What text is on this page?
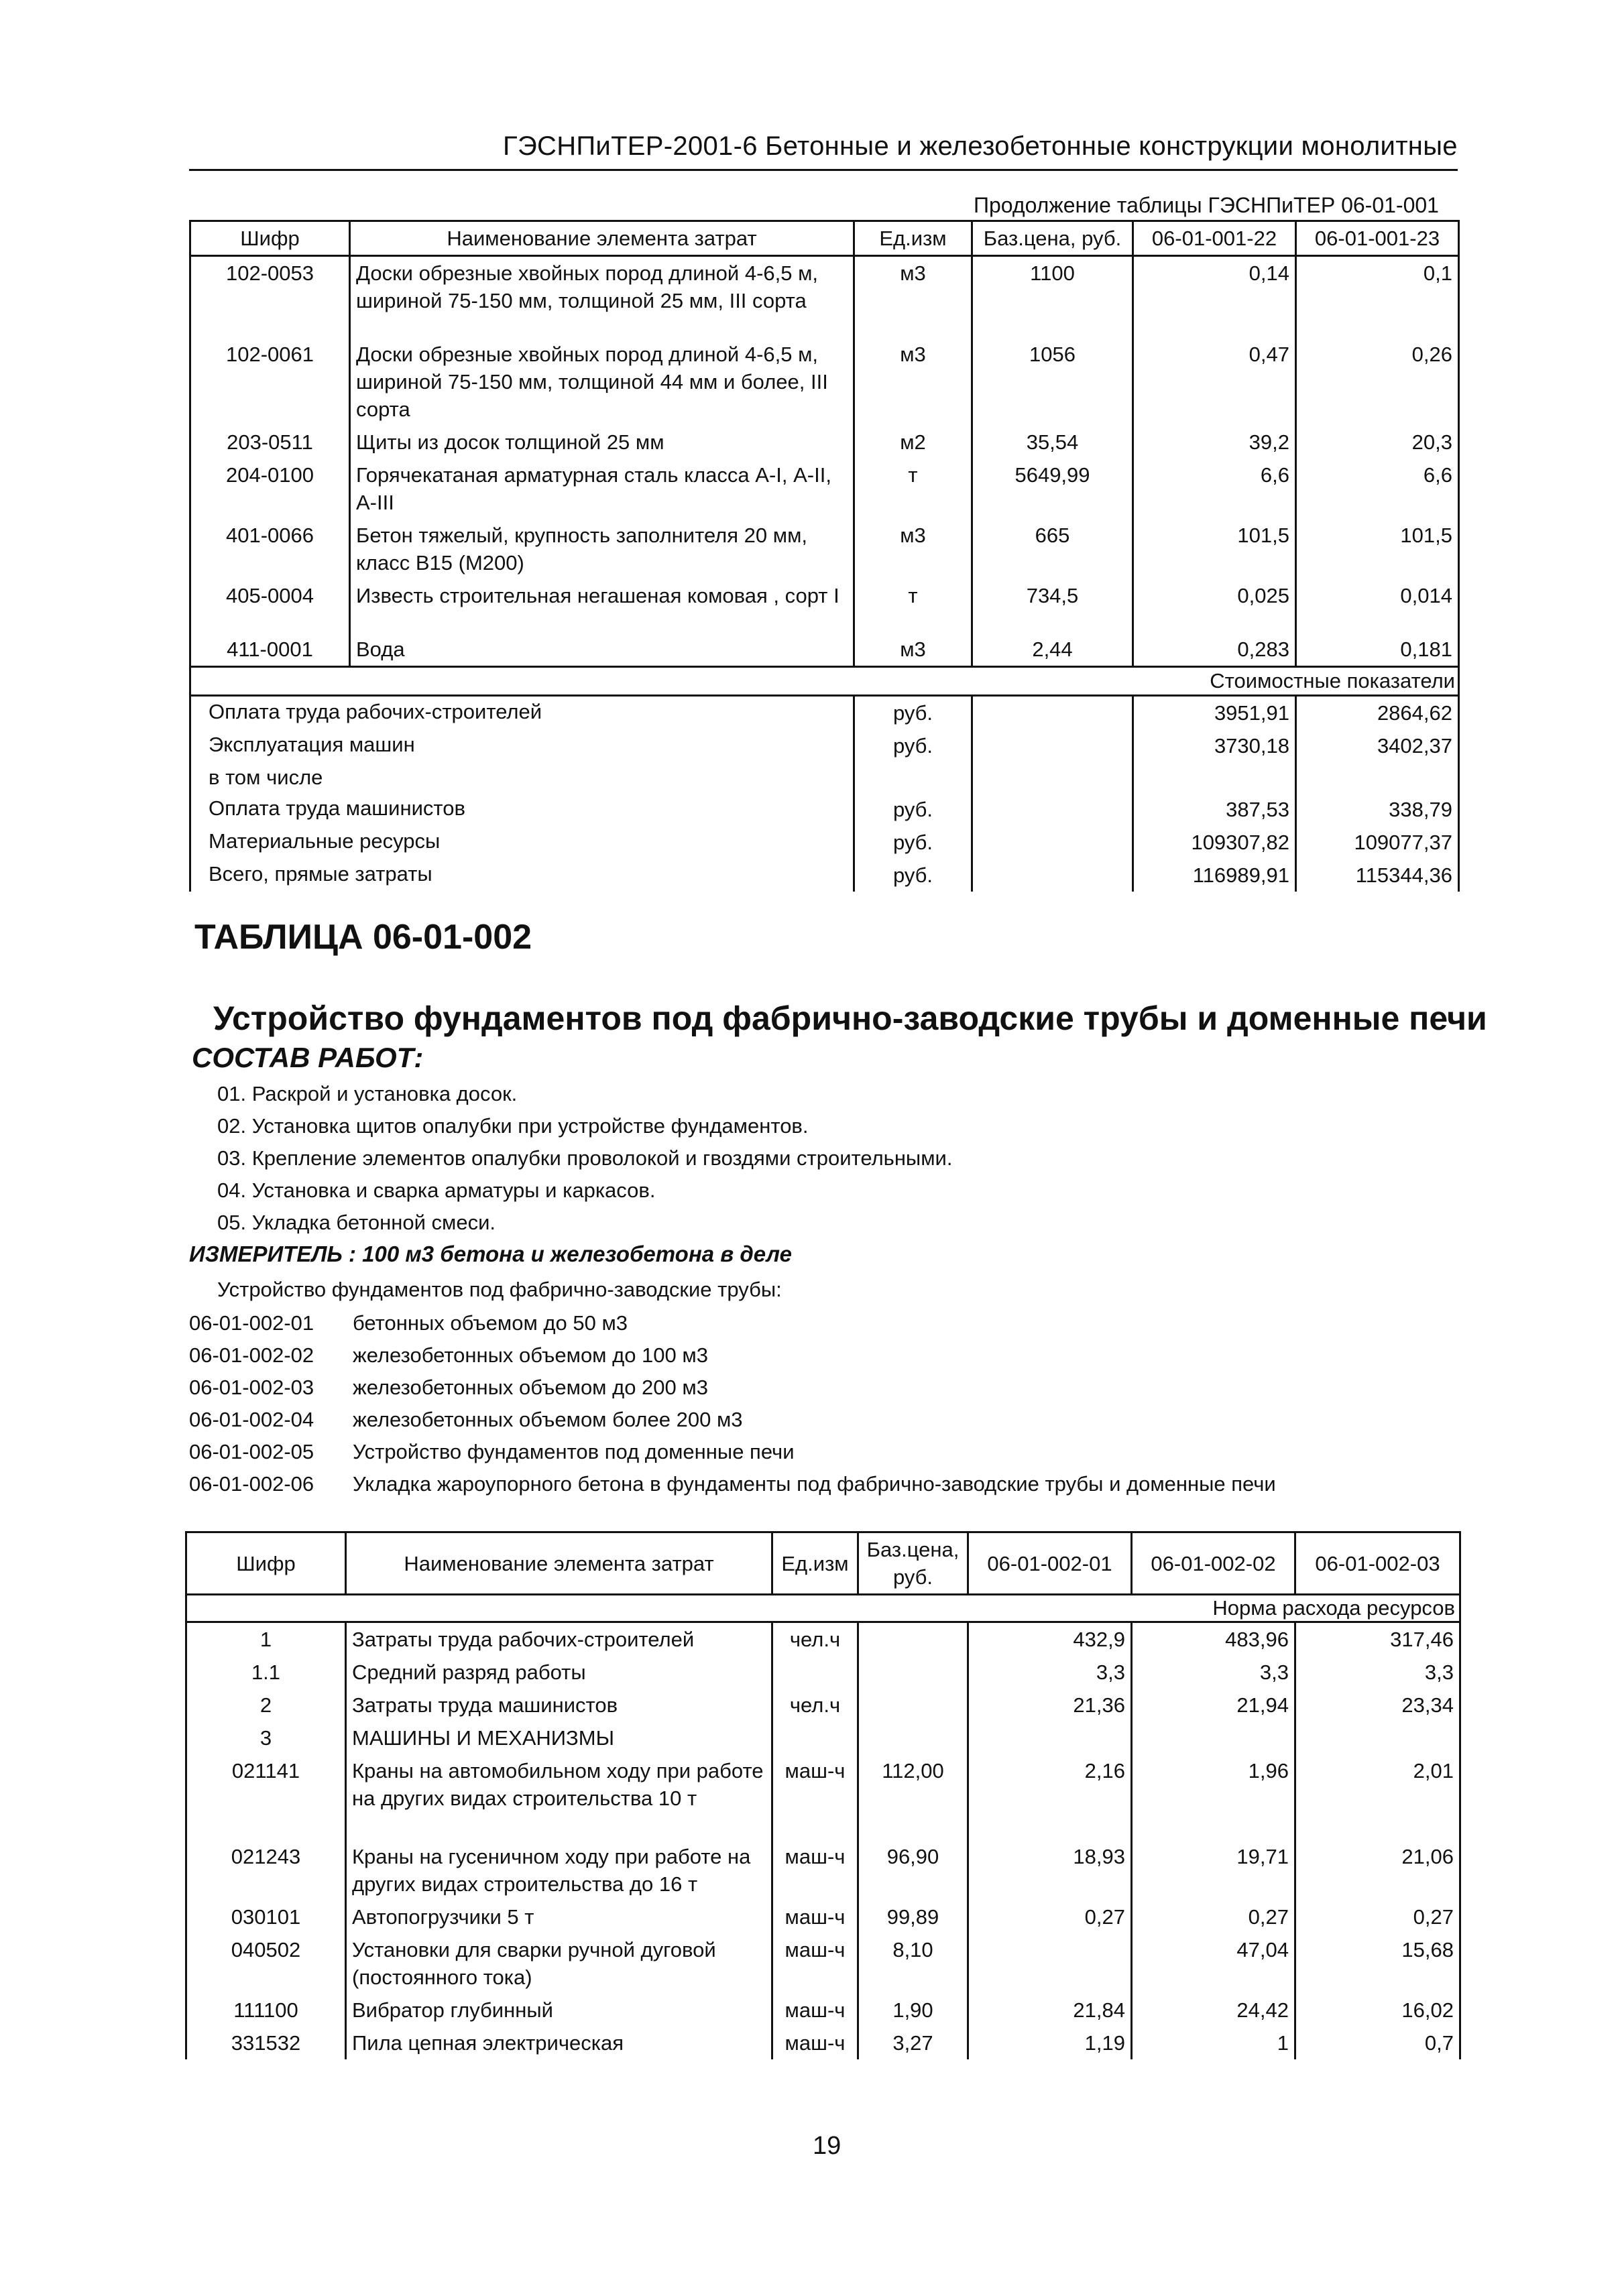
ГЭСНПиТЕР-2001-6 Бетонные и железобетонные конструкции монолитные
Продолжение таблицы ГЭСНПиТЕР 06-01-001
Шифр	Наименование элемента затрат	Ед.изм	Баз.цена, руб.	06-01-001-22	06-01-001-23
102-0053	Доски обрезные хвойных пород длиной 4-6,5 м, шириной 75-150 мм, толщиной 25 мм, III сорта	м3	1100	0,14	0,1
102-0061	Доски обрезные хвойных пород длиной 4-6,5 м, шириной 75-150 мм, толщиной 44 мм и более, III сорта	м3	1056	0,47	0,26
203-0511	Щиты из досок толщиной 25 мм	м2	35,54	39,2	20,3
204-0100	Горячекатаная арматурная сталь класса А-I, А-II, А-III	т	5649,99	6,6	6,6
401-0066	Бетон тяжелый, крупность заполнителя 20 мм, класс В15 (М200)	м3	665	101,5	101,5
405-0004	Известь строительная негашеная комовая , сорт I	т	734,5	0,025	0,014
411-0001	Вода	м3	2,44	0,283	0,181
				Стоимостные показатели	
Оплата труда рабочих-строителей		руб.		3951,91	2864,62
Эксплуатация машин		руб.		3730,18	3402,37
в том числе					
Оплата труда машинистов		руб.		387,53	338,79
Материальные ресурсы		руб.		109307,82	109077,37
Всего, прямые затраты		руб.		116989,91	115344,36
ТАБЛИЦА 06-01-002
Устройство фундаментов под фабрично-заводские трубы и доменные печи
СОСТАВ РАБОТ:
01. Раскрой и установка досок.
02. Установка щитов опалубки при устройстве фундаментов.
03. Крепление элементов опалубки проволокой и гвоздями строительными.
04. Установка и сварка арматуры и каркасов.
05. Укладка бетонной смеси.
ИЗМЕРИТЕЛЬ : 100 м3 бетона и железобетона в деле
Устройство фундаментов под фабрично-заводские трубы:
06-01-002-01 бетонных объемом до 50 м3
06-01-002-02 железобетонных объемом до 100 м3
06-01-002-03 железобетонных объемом до 200 м3
06-01-002-04 железобетонных объемом более 200 м3
06-01-002-05 Устройство фундаментов под доменные печи
06-01-002-06 Укладка жароупорного бетона в фундаменты под фабрично-заводские трубы и доменные печи
Шифр	Наименование элемента затрат	Ед.изм	Баз.цена, руб.	06-01-002-01	06-01-002-02	06-01-002-03
				Норма расхода ресурсов		
1	Затраты труда рабочих-строителей	чел.ч		432,9	483,96	317,46
1.1	Средний разряд работы			3,3	3,3	3,3
2	Затраты труда машинистов	чел.ч		21,36	21,94	23,34
3	МАШИНЫ И МЕХАНИЗМЫ					
021141	Краны на автомобильном ходу при работе на других видах строительства 10 т	маш-ч	112,00	2,16	1,96	2,01
021243	Краны на гусеничном ходу при работе на других видах строительства до 16 т	маш-ч	96,90	18,93	19,71	21,06
030101	Автопогрузчики 5 т	маш-ч	99,89	0,27	0,27	0,27
040502	Установки для сварки ручной дуговой (постоянного тока)	маш-ч	8,10		47,04	15,68
111100	Вибратор глубинный	маш-ч	1,90	21,84	24,42	16,02
331532	Пила цепная электрическая	маш-ч	3,27	1,19	1	0,7
19
